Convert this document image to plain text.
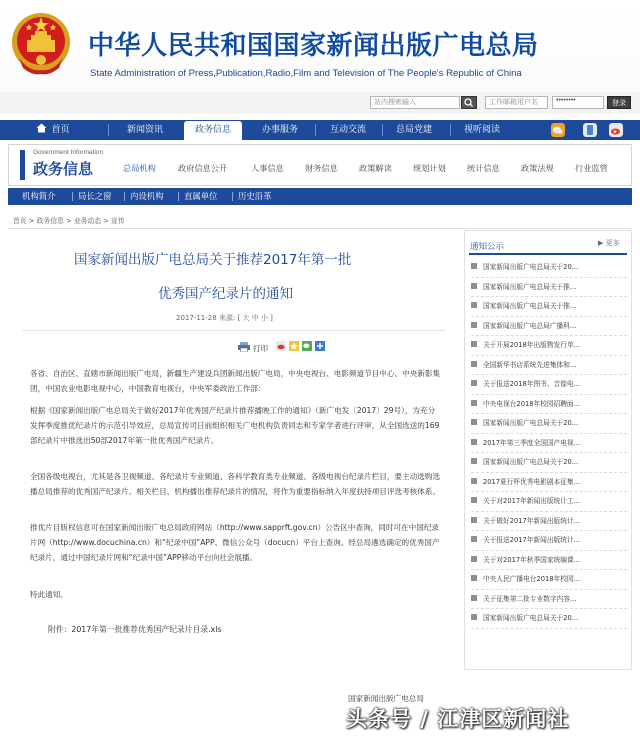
中华人民共和国国家新闻出版广电总局
State Administration of Press,Publication,Radio,Film and Television of The People's Republic of China
站内搜索输入	工作邮箱用户名	••••••••	登录
首页	新闻资讯	政务信息	办事服务	互动交流	总局党建	视听阅读
Government Information
政务信息	总局机构	政府信息公开	人事信息	财务信息	政策解读	规划计划	统计信息	政策法规	行业监管
机构简介	局长之窗 内设机构 直属单位 历史沿革
首页 > 政务信息 > 业务动态 > 宣传
国家新闻出版广电总局关于推荐2017年第一批
优秀国产纪录片的通知
2017-11-28 来源: [ 大 中 小 ]
打印
各省、自治区、直辖市新闻出版广电局，新疆生产建设兵团新闻出版广电局，中央电视台、电影频道节目中心、中央新影集团，中国农业电影电视中心，中国教育电视台，中央军委政治工作部：
根据《国家新闻出版广电总局关于做好2017年优秀国产纪录片推荐播映工作的通知》（新广电发〔2017〕29号），为充分发挥季度推优纪录片的示范引导效应，总局宣传司日前组织相关广电机构负责同志和专家学者进行评审，从全国选送的169部纪录片中推选出50部2017年第一批优秀国产纪录片。
全国各级电视台，尤其是各卫视频道、各纪录片专业频道、各科学教育类专业频道、各级电视台纪录片栏目，要主动选购选播总局推荐的优秀国产纪录片。相关栏目、机构播出推荐纪录片的情况，将作为重要指标纳入年度扶持项目评选考核体系。
推优片目版权信息可在国家新闻出版广电总局政府网站（http://www.sapprft.gov.cn）公告区中查询，同时可在中国纪录片网（http://www.docuchina.cn）和“纪录中国”APP、微信公众号（docucn）平台上查询。经总局遴选确定的优秀国产纪录片，通过中国纪录片网和“纪录中国”APP移动平台向社会展播。
特此通知。
附件：2017年第一批推荐优秀国产纪录片目录.xls
国家新闻出版广电总局
通知公示	▶ 更多
国家新闻出版广电总局关于20...
国家新闻出版广电总局关于推...
国家新闻出版广电总局关于推...
国家新闻出版广电总局广播科...
关于开展2018年出版物发行单...
全国新华书店系统先进集体和...
关于报送2018年图书、音像电...
中央电视台2018年校园招聘面...
国家新闻出版广电总局关于20...
2017年第三季度全国国产电视...
国家新闻出版广电总局关于20...
2017夏行杯优秀电影剧本征集...
关于对2017年新闻出版统计工...
关于做好2017年新闻出版统计...
关于报送2017年新闻出版统计...
关于对2017年秋季国家统编课...
中央人民广播电台2018年校园...
关于征集第二批专业数字内容...
国家新闻出版广电总局关于20...
头条号 / 江津区新闻社
